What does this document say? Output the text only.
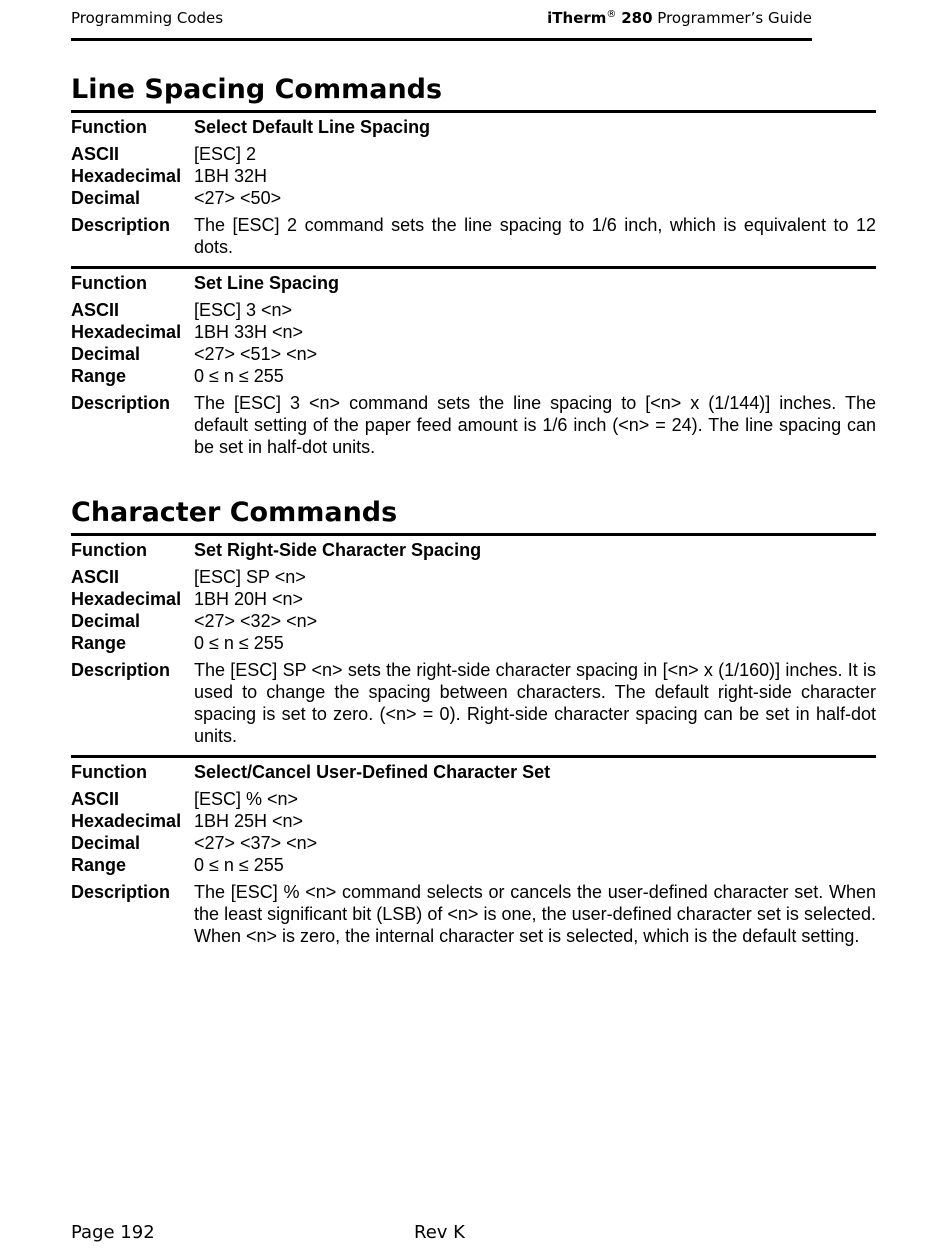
Programming Codes	iTherm® 280 Programmer’s Guide
Line Spacing Commands
Function	Select Default Line Spacing
ASCII	[ESC] 2
Hexadecimal 1BH 32H
Decimal	<27> <50>
Description	The [ESC] 2 command sets the line spacing to 1/6 inch, which is equivalent to 12 dots.
Function	Set Line Spacing
ASCII	[ESC] 3 <n>
Hexadecimal 1BH 33H <n>
Decimal	<27> <51> <n>
Range	0 ≤ n ≤ 255
Description	The [ESC] 3 <n> command sets the line spacing to [<n> x (1/144)] inches. The default setting of the paper feed amount is 1/6 inch (<n> = 24). The line spacing can be set in half-dot units.
Character Commands
Function	Set Right-Side Character Spacing
ASCII	[ESC] SP <n>
Hexadecimal 1BH 20H <n>
Decimal	<27> <32> <n>
Range	0 ≤ n ≤ 255
Description	The [ESC] SP <n> sets the right-side character spacing in [<n> x (1/160)] inches. It is used to change the spacing between characters. The default right-side character spacing is set to zero. (<n> = 0). Right-side character spacing can be set in half-dot units.
Function	Select/Cancel User-Defined Character Set
ASCII	[ESC] % <n>
Hexadecimal 1BH 25H <n>
Decimal	<27> <37> <n>
Range	0 ≤ n ≤ 255
Description	The [ESC] % <n> command selects or cancels the user-defined character set. When the least significant bit (LSB) of <n> is one, the user-defined character set is selected. When <n> is zero, the internal character set is selected, which is the default setting.
Page 192	Rev K
